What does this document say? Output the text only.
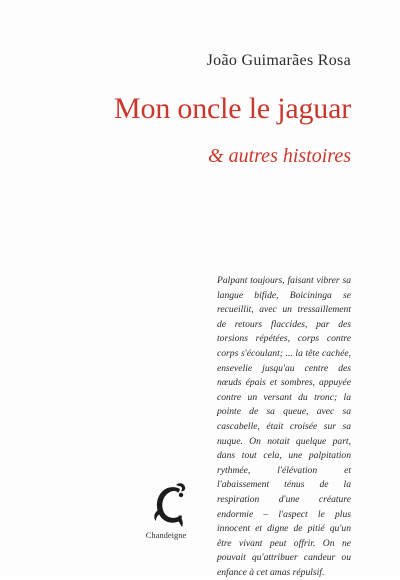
João Guimarães Rosa
Mon oncle le jaguar
& autres histoires
Palpant toujours, faisant vibrer sa langue bifide, Boicininga se recueillit, avec un tressaillement de retours flaccides, par des torsions répétées, corps contre corps s'écoulant; ... la tête cachée, ensevelie jusqu'au centre des nœuds épais et sombres, appuyée contre un versant du tronc; la pointe de sa queue, avec sa cascabelle, était croisée sur sa nuque. On notait quelque part, dans tout cela, une palpitation rythmée, l'élévation et l'abaissement ténus de la respiration d'une créature endormie – l'aspect le plus innocent et digne de pitié qu'un être vivant peut offrir. On ne pouvait qu'attribuer candeur ou enfance à cet amas répulsif.
Chandeigne
